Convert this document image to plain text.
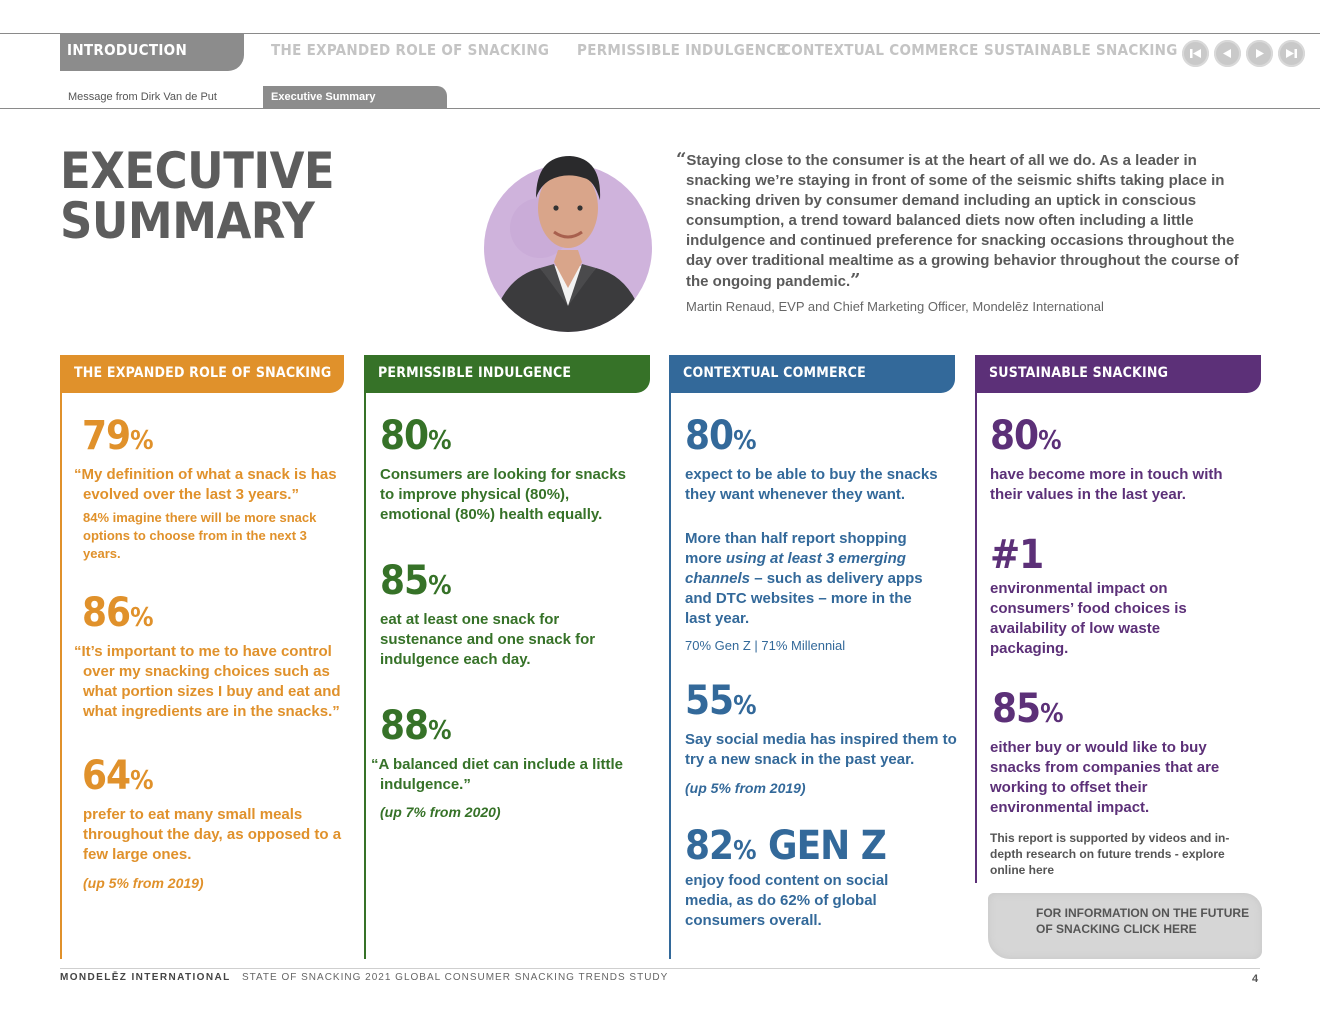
INTRODUCTION	THE EXPANDED ROLE OF SNACKING PERMISSIBLE INDULGENCE
CONTEXTUAL COMMERCE SUSTAINABLE SNACKING
Message from Dirk Van de Put	Executive Summary
EXECUTIVE
SUMMARY

“Staying close to the consumer is at the heart of all we do. As a leader in snacking we’re staying in front of some of the seismic shifts taking place in snacking driven by consumer demand including an uptick in conscious consumption, a trend toward balanced diets now often including a little indulgence and continued preference for snacking occasions throughout the day over traditional mealtime as a growing behavior throughout the course of the ongoing pandemic.”

Martin Renaud, EVP and Chief Marketing Officer, Mondelēz International
THE EXPANDED ROLE OF SNACKING	PERMISSIBLE INDULGENCE	CONTEXTUAL COMMERCE	SUSTAINABLE SNACKING
79%
“My definition of what a snack is has evolved over the last 3 years.”
84% imagine there will be more snack options to choose from in the next 3 years.
86%
“It’s important to me to have control over my snacking choices such as what portion sizes I buy and eat and what ingredients are in the snacks.”
64%
prefer to eat many small meals throughout the day, as opposed to a few large ones.
(up 5% from 2019)
80%
Consumers are looking for snacks to improve physical (80%), emotional (80%) health equally.
85%
eat at least one snack for sustenance and one snack for indulgence each day.
88%
“A balanced diet can include a little indulgence.”
(up 7% from 2020)
80%
expect to be able to buy the snacks they want whenever they want.
More than half report shopping more using at least 3 emerging channels – such as delivery apps and DTC websites – more in the last year.
70% Gen Z | 71% Millennial
55%
Say social media has inspired them to try a new snack in the past year.
(up 5% from 2019)
82% GEN Z
enjoy food content on social media, as do 62% of global consumers overall.
80%
have become more in touch with their values in the last year.
#1
environmental impact on consumers’ food choices is availability of low waste packaging.
85%
either buy or would like to buy snacks from companies that are working to offset their environmental impact.
This report is supported by videos and in-depth research on future trends - explore online here
FOR INFORMATION ON THE FUTURE OF SNACKING CLICK HERE
MONDELĒZ INTERNATIONAL STATE OF SNACKING 2021 GLOBAL CONSUMER SNACKING TRENDS STUDY	4
